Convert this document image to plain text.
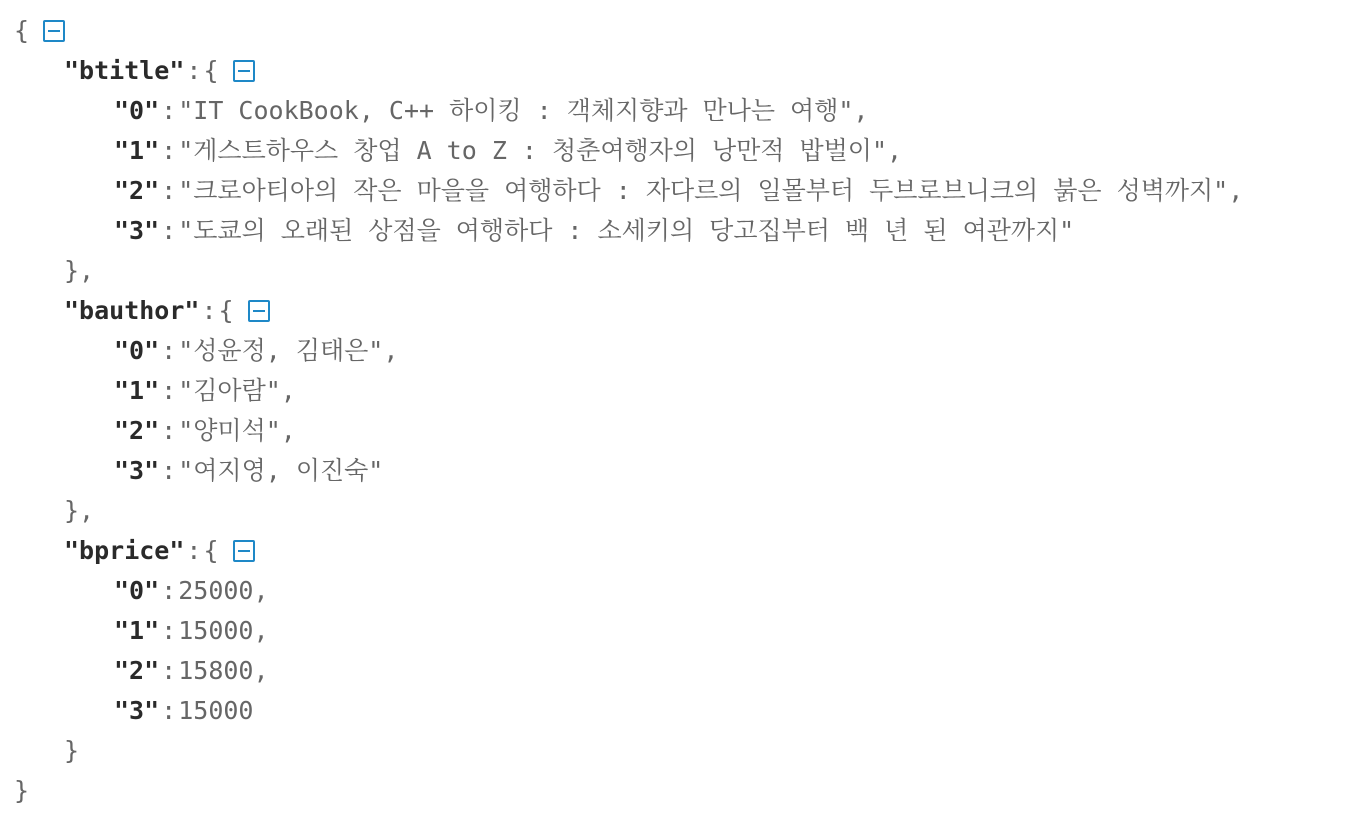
{
"btitle" : {
"0" : "IT CookBook, C++ 하이킹 : 객체지향과 만나는 여행" ,
"1" : "게스트하우스 창업 A to Z : 청춘여행자의 낭만적 밥벌이" ,
"2" : "크로아티아의 작은 마을을 여행하다 : 자다르의 일몰부터 두브로브니크의 붉은 성벽까지" ,
"3" : "도쿄의 오래된 상점을 여행하다 : 소세키의 당고집부터 백 년 된 여관까지"
},
"bauthor" : {
"0" : "성윤정, 김태은" ,
"1" : "김아람" ,
"2" : "양미석" ,
"3" : "여지영, 이진숙"
},
"bprice" : {
"0" : 25000 ,
"1" : 15000 ,
"2" : 15800 ,
"3" : 15000
}
}
